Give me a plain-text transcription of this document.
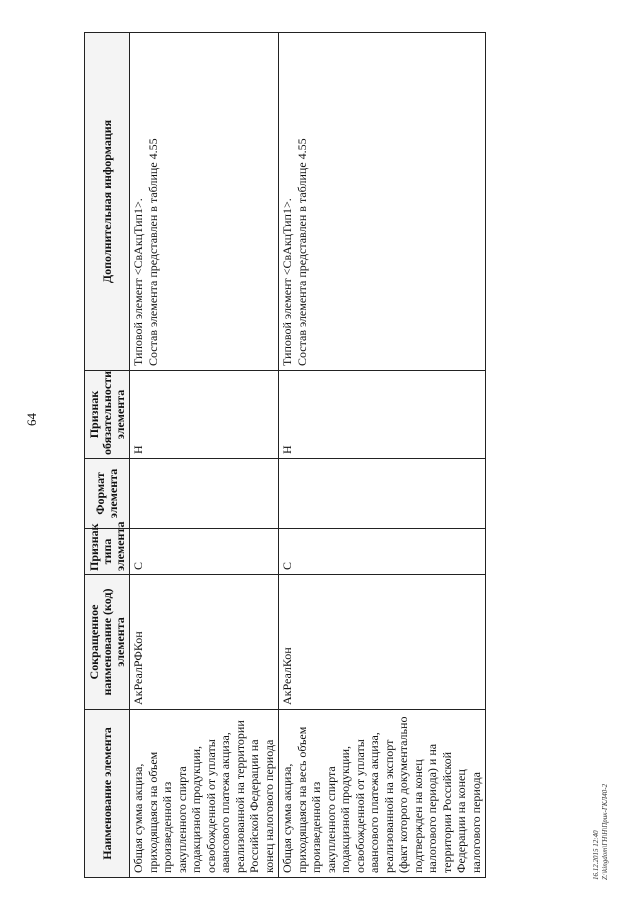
Наименование элемента	Сокращенное наименование (код) элемента	Признак типа элемента	Формат элемента	Признак обязательности элемента	Дополнительная информация
Общая сумма акциза, приходящаяся на объем произведенной из закупленного спирта подакцизной продукции, освобожденной от уплаты авансового платежа акциза, реализованной на территории Российской Федерации на конец налогового периода	АкРеалРФКон	С		Н	Типовой элемент <СвАкцТип1>. Состав элемента представлен в таблице 4.55

Общая сумма акциза, приходящаяся на весь объем произведенной из закупленного спирта подакцизной продукции, освобожденной от уплаты авансового платежа акциза, реализованной на экспорт (факт которого документально подтвержден на конец налогового периода) и на территории Российской Федерации на конец налогового периода	АкРеалКон	С		Н	Типовой элемент <СвАкцТип1>. Состав элемента представлен в таблице 4.55
64
16.12.2015 12:40 Z:\kingdom\ГН\Н\Прик-ГКЛ40-2
